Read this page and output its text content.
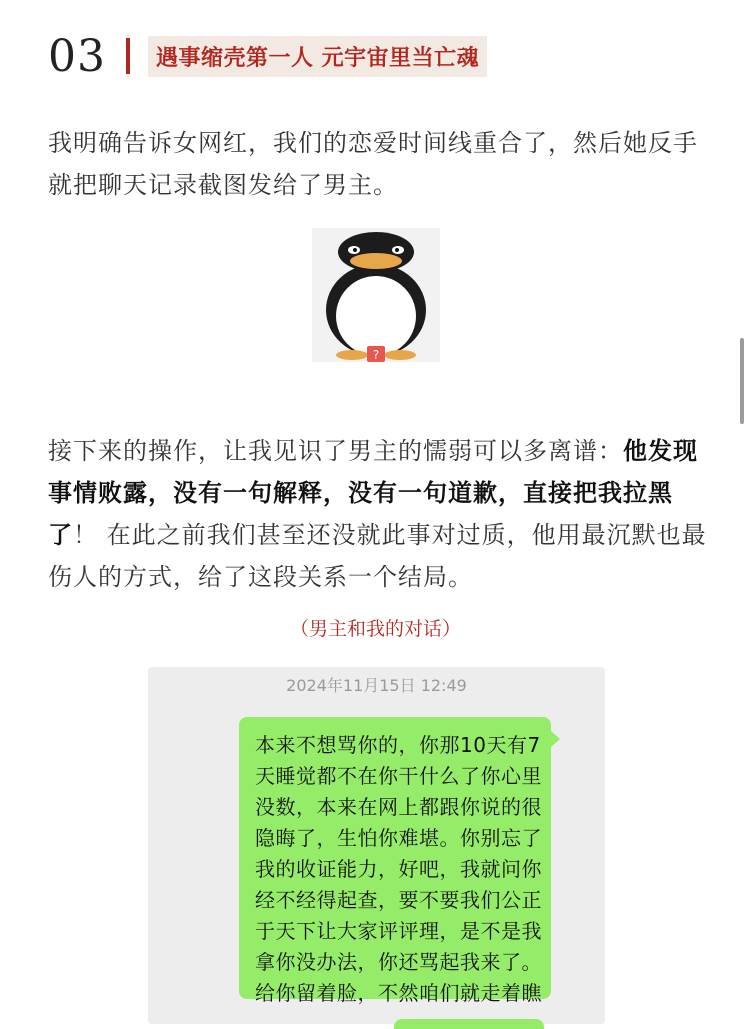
03	遇事缩壳第一人 元宇宙里当亡魂
我明确告诉女网红，我们的恋爱时间线重合了，然后她反手就把聊天记录截图发给了男主。
?
接下来的操作，让我见识了男主的懦弱可以多离谱：他发现事情败露，没有一句解释，没有一句道歉，直接把我拉黑了！ 在此之前我们甚至还没就此事对过质，他用最沉默也最伤人的方式，给了这段关系一个结局。
（男主和我的对话）
2024年11月15日 12:49
本来不想骂你的，你那10天有7天睡觉都不在你干什么了你心里没数，本来在网上都跟你说的很隐晦了，生怕你难堪。你别忘了我的收证能力，好吧，我就问你经不经得起查，要不要我们公正于天下让大家评评理，是不是我拿你没办法，你还骂起我来了。给你留着脸，不然咱们就走着瞧
